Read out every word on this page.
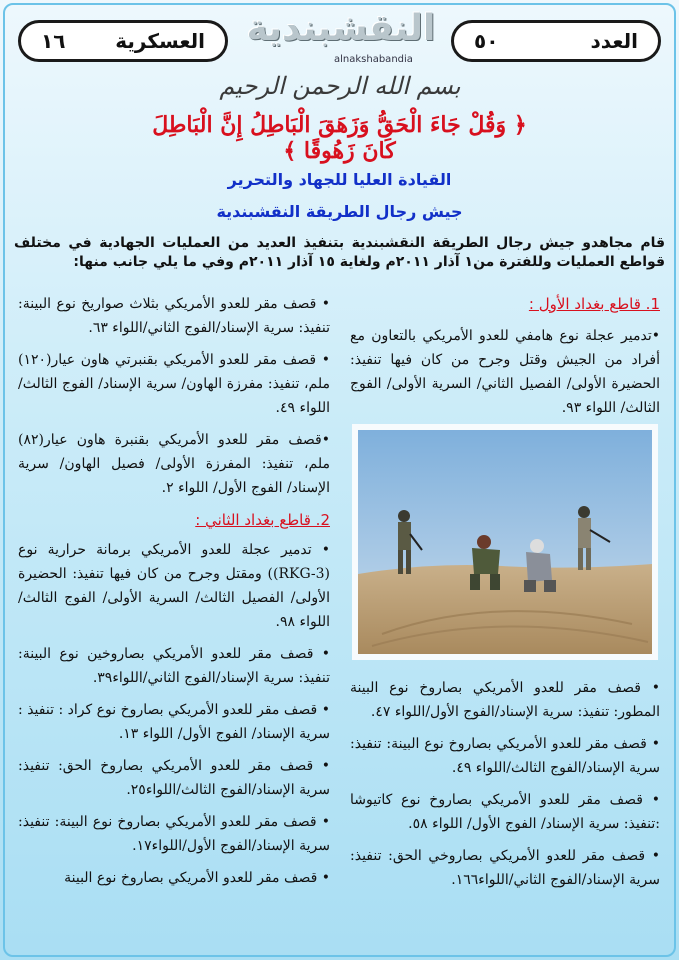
العسكرية
١٦	العدد
٥٠
النقشبندية
alnakshabandia
بسم الله الرحمن الرحيم
﴿ وَقُلْ جَاءَ الْحَقُّ وَزَهَقَ الْبَاطِلُ إِنَّ الْبَاطِلَ كَانَ زَهُوقًا ﴾
القيادة العليا للجهاد والتحرير
جيش رجال الطريقة النقشبندية
قام مجاهدو جيش رجال الطريقة النقشبندية بتنفيذ العديد من العمليات الجهادية في مختلف قواطع العمليات وللفترة من١ آذار ٢٠١١م ولغاية ١٥ آذار ٢٠١١م وفي ما يلي جانب منها:
1. قاطع بغداد الأول :
•تدمير عجلة نوع هامفي للعدو الأمريكي بالتعاون مع أفراد من الجيش وقتل وجرح من كان فيها تنفيذ: الحضيرة الأولى/ الفصيل الثاني/ السرية الأولى/ الفوج الثالث/ اللواء ٩٣.
• قصف مقر للعدو الأمريكي بصاروخ نوع البينة المطور: تنفيذ: سرية الإسناد/الفوج الأول/اللواء ٤٧.
• قصف مقر للعدو الأمريكي بصاروخ نوع البينة: تنفيذ: سرية الإسناد/الفوج الثالث/اللواء ٤٩.
• قصف مقر للعدو الأمريكي بصاروخ نوع كاتيوشا :تنفيذ: سرية الإسناد/ الفوج الأول/ اللواء ٥٨.
• قصف مقر للعدو الأمريكي بصاروخي الحق: تنفيذ: سرية الإسناد/الفوج الثاني/اللواء١٦٦.
• قصف مقر للعدو الأمريكي بثلاث صواريخ نوع البينة: تنفيذ: سرية الإسناد/الفوج الثاني/اللواء ٦٣.
• قصف مقر للعدو الأمريكي بقنبرتي هاون عيار(١٢٠) ملم، تنفيذ: مفرزة الهاون/ سرية الإسناد/ الفوج الثالث/ اللواء ٤٩.
•قصف مقر للعدو الأمريكي بقنبرة هاون عيار(٨٢) ملم، تنفيذ: المفرزة الأولى/ فصيل الهاون/ سرية الإسناد/ الفوج الأول/ اللواء ٢.
2. قاطع بغداد الثاني :
• تدمير عجلة للعدو الأمريكي برمانة حرارية نوع (RKG-3)) ومقتل وجرح من كان فيها تنفيذ: الحضيرة الأولى/ الفصيل الثالث/ السرية الأولى/ الفوج الثالث/ اللواء ٩٨.
• قصف مقر للعدو الأمريكي بصاروخين نوع البينة: تنفيذ: سرية الإسناد/الفوج الثاني/اللواء٣٩.
• قصف مقر للعدو الأمريكي بصاروخ نوع كراد : تنفيذ : سرية الإسناد/ الفوج الأول/ اللواء ١٣.
• قصف مقر للعدو الأمريكي بصاروخ الحق: تنفيذ: سرية الإسناد/الفوج الثالث/اللواء٢٥.
• قصف مقر للعدو الأمريكي بصاروخ نوع البينة: تنفيذ: سرية الإسناد/الفوج الأول/اللواء١٧.
• قصف مقر للعدو الأمريكي بصاروخ نوع البينة
